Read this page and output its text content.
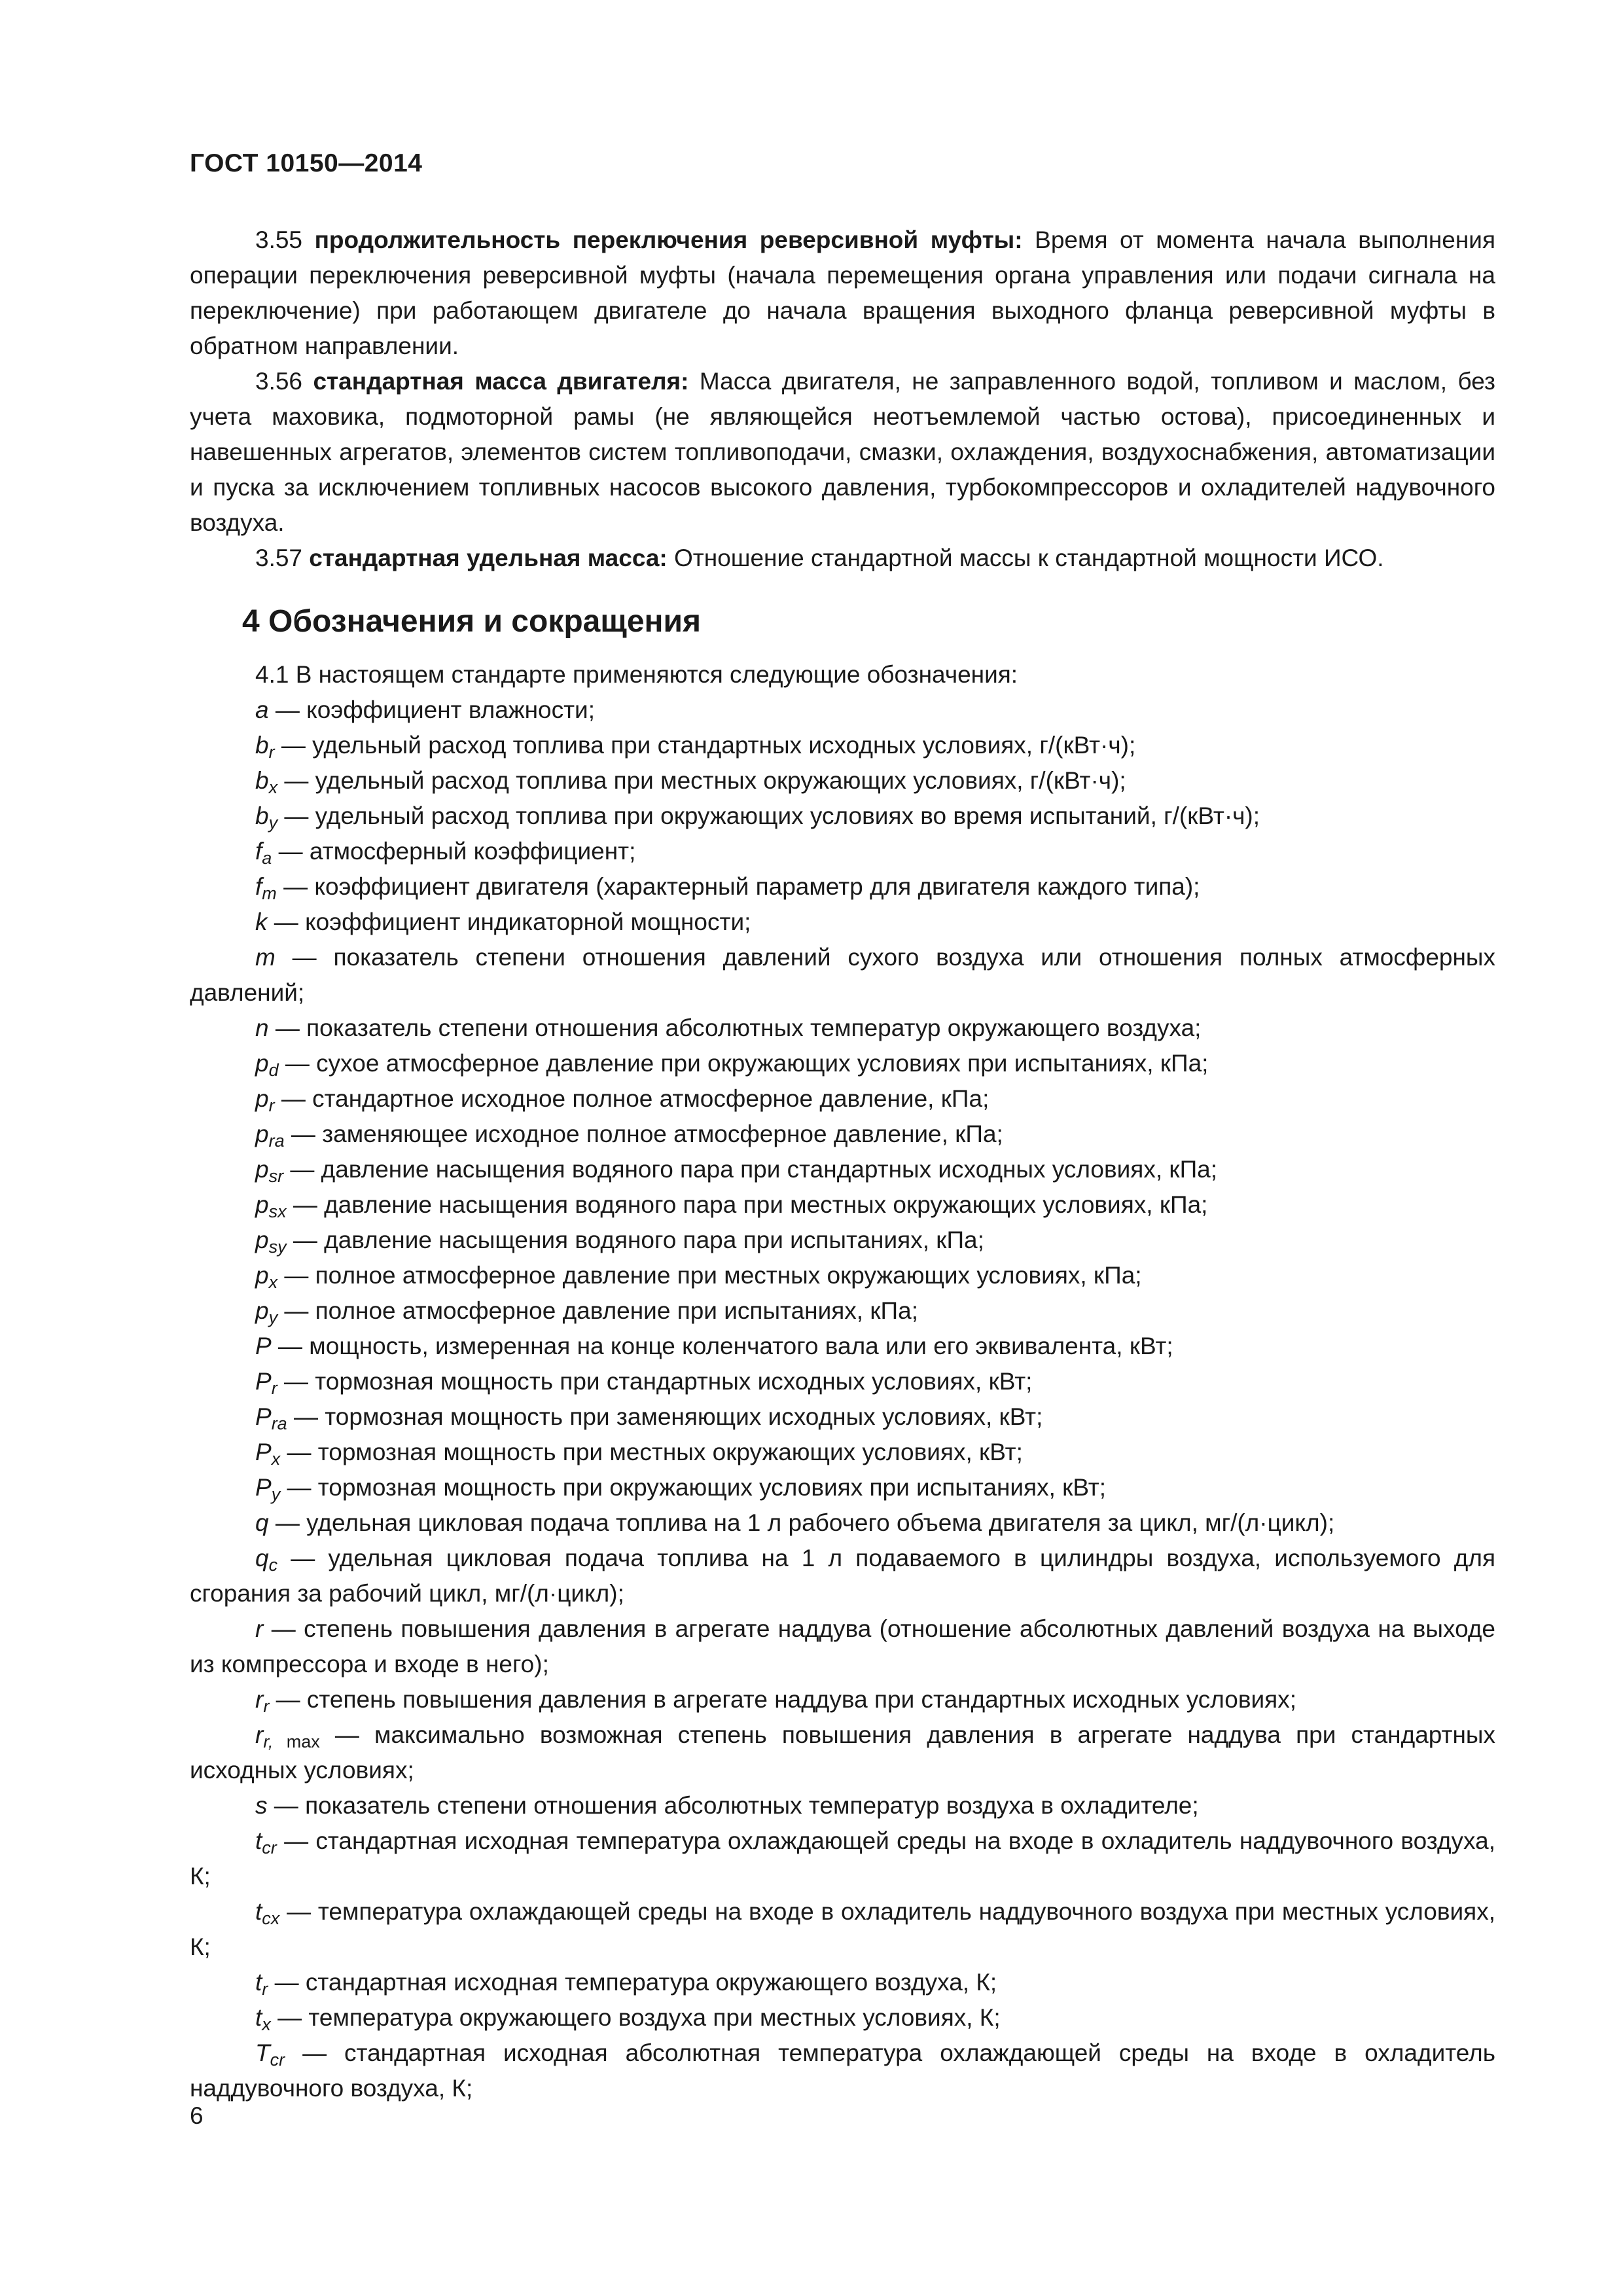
ГОСТ 10150—2014

3.55 продолжительность переключения реверсивной муфты: Время от момента начала выполнения операции переключения реверсивной муфты (начала перемещения органа управления или подачи сигнала на переключение) при работающем двигателе до начала вращения выходного фланца реверсивной муфты в обратном направлении.

3.56 стандартная масса двигателя: Масса двигателя, не заправленного водой, топливом и маслом, без учета маховика, подмоторной рамы (не являющейся неотъемлемой частью остова), присоединенных и навешенных агрегатов, элементов систем топливоподачи, смазки, охлаждения, воздухоснабжения, автоматизации и пуска за исключением топливных насосов высокого давления, турбокомпрессоров и охладителей надувочного воздуха.

3.57 стандартная удельная масса: Отношение стандартной массы к стандартной мощности ИСО.

4 Обозначения и сокращения

4.1 В настоящем стандарте применяются следующие обозначения:

a — коэффициент влажности;
$b_r$ — удельный расход топлива при стандартных исходных условиях, г/(кВт·ч);
$b_x$ — удельный расход топлива при местных окружающих условиях, г/(кВт·ч);
$b_y$ — удельный расход топлива при окружающих условиях во время испытаний, г/(кВт·ч);
$f_a$ — атмосферный коэффициент;
$f_m$ — коэффициент двигателя (характерный параметр для двигателя каждого типа);
k — коэффициент индикаторной мощности;
m — показатель степени отношения давлений сухого воздуха или отношения полных атмосферных давлений;
n — показатель степени отношения абсолютных температур окружающего воздуха;
$p_d$ — сухое атмосферное давление при окружающих условиях при испытаниях, кПа;
$p_r$ — стандартное исходное полное атмосферное давление, кПа;
$p_{ra}$ — заменяющее исходное полное атмосферное давление, кПа;
$p_{sr}$ — давление насыщения водяного пара при стандартных исходных условиях, кПа;
$p_{sx}$ — давление насыщения водяного пара при местных окружающих условиях, кПа;
$p_{sy}$ — давление насыщения водяного пара при испытаниях, кПа;
$p_x$ — полное атмосферное давление при местных окружающих условиях, кПа;
$p_y$ — полное атмосферное давление при испытаниях, кПа;
P — мощность, измеренная на конце коленчатого вала или его эквивалента, кВт;
$P_r$ — тормозная мощность при стандартных исходных условиях, кВт;
$P_{ra}$ — тормозная мощность при заменяющих исходных условиях, кВт;
$P_x$ — тормозная мощность при местных окружающих условиях, кВт;
$P_y$ — тормозная мощность при окружающих условиях при испытаниях, кВт;
q — удельная цикловая подача топлива на 1 л рабочего объема двигателя за цикл, мг/(л·цикл);
$q_c$ — удельная цикловая подача топлива на 1 л подаваемого в цилиндры воздуха, используемого для сгорания за рабочий цикл, мг/(л·цикл);
r — степень повышения давления в агрегате наддува (отношение абсолютных давлений воздуха на выходе из компрессора и входе в него);
$r_r$ — степень повышения давления в агрегате наддува при стандартных исходных условиях;
$r_{r, max}$ — максимально возможная степень повышения давления в агрегате наддува при стандартных исходных условиях;
s — показатель степени отношения абсолютных температур воздуха в охладителе;
$t_{cr}$ — стандартная исходная температура охлаждающей среды на входе в охладитель наддувочного воздуха, К;
$t_{cx}$ — температура охлаждающей среды на входе в охладитель наддувочного воздуха при местных условиях, К;
$t_r$ — стандартная исходная температура окружающего воздуха, К;
$t_x$ — температура окружающего воздуха при местных условиях, К;
$T_{cr}$ — стандартная исходная абсолютная температура охлаждающей среды на входе в охладитель наддувочного воздуха, К;
6
